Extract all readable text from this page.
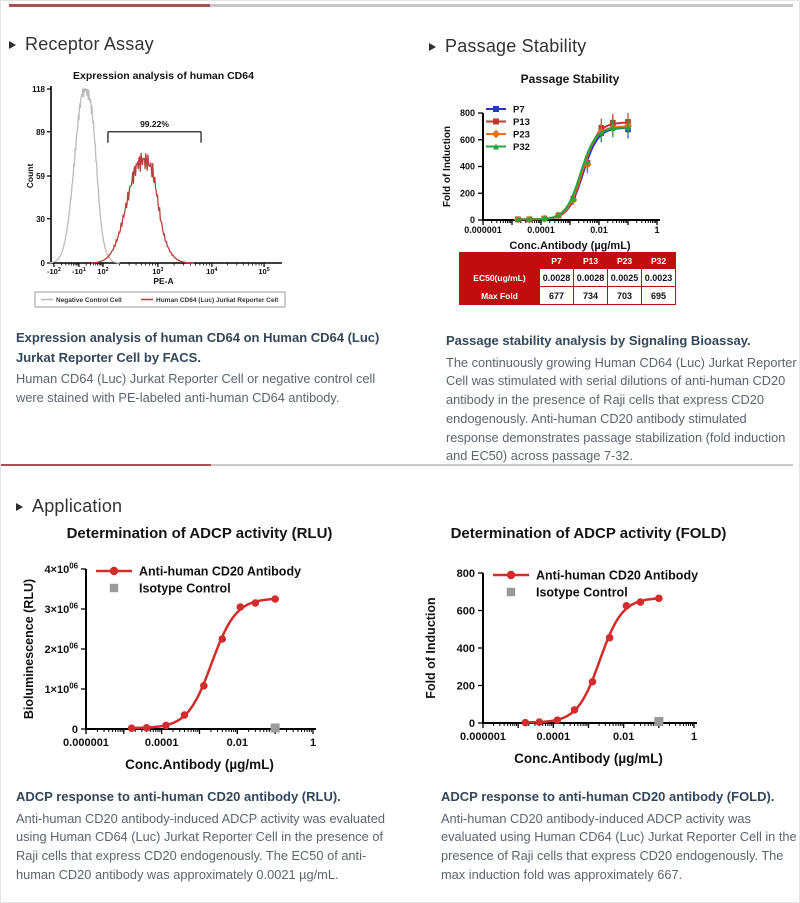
Receptor Assay
Expression analysis of human CD64
0
30
59
89
118
$-10^2$ $-10^1$ $10^2$	$10^3$	$10^4$	$10^5$
PE-A
Count
99.22%
Negative Control Cell	Human CD64 (Luc) Jurkat Reporter Cell

Expression analysis of human CD64 on Human CD64 (Luc) Jurkat Reporter Cell by FACS.

Human CD64 (Luc) Jurkat Reporter Cell or negative control cell were stained with PE-labeled anti-human CD64 antibody.

Passage Stability
Passage Stability
0.000001	0.0001	0.01	1
0
200
400
600
800
Conc.Antibody (µg/mL)
Fold of Induction
P7
P13
P23
P32
	P7	P13	P23	P32
EC50(ug/mL)	0.0028	0.0028	0.0025	0.0023
Max Fold	677	734	703	695

Passage stability analysis by Signaling Bioassay.

The continuously growing Human CD64 (Luc) Jurkat Reporter Cell was stimulated with serial dilutions of anti-human CD20 antibody in the presence of Raji cells that express CD20 endogenously. Anti-human CD20 antibody stimulated response demonstrates passage stabilization (fold induction and EC50) across passage 7-32.

Application
Determination of ADCP activity (RLU)
0.000001	0.0001	0.01	1
0
$1\times 10^{06}$
$2\times 10^{06}$
$3\times 10^{06}$
$4\times 10^{06}$
Conc.Antibody (µg/mL)
Bioluminescence (RLU)
Anti-human CD20 Antibody
Isotype Control
Determination of ADCP activity (FOLD)
0.000001	0.0001	0.01	1
0
200
400
600
800
Conc.Antibody (µg/mL)
Fold of Induction
Anti-human CD20 Antibody
Isotype Control

ADCP response to anti-human CD20 antibody (RLU).

Anti-human CD20 antibody-induced ADCP activity was evaluated using Human CD64 (Luc) Jurkat Reporter Cell in the presence of Raji cells that express CD20 endogenously. The EC50 of anti-human CD20 antibody was approximately 0.0021 µg/mL.

ADCP response to anti-human CD20 antibody (FOLD).

Anti-human CD20 antibody-induced ADCP activity was evaluated using Human CD64 (Luc) Jurkat Reporter Cell in the presence of Raji cells that express CD20 endogenously. The max induction fold was approximately 667.
